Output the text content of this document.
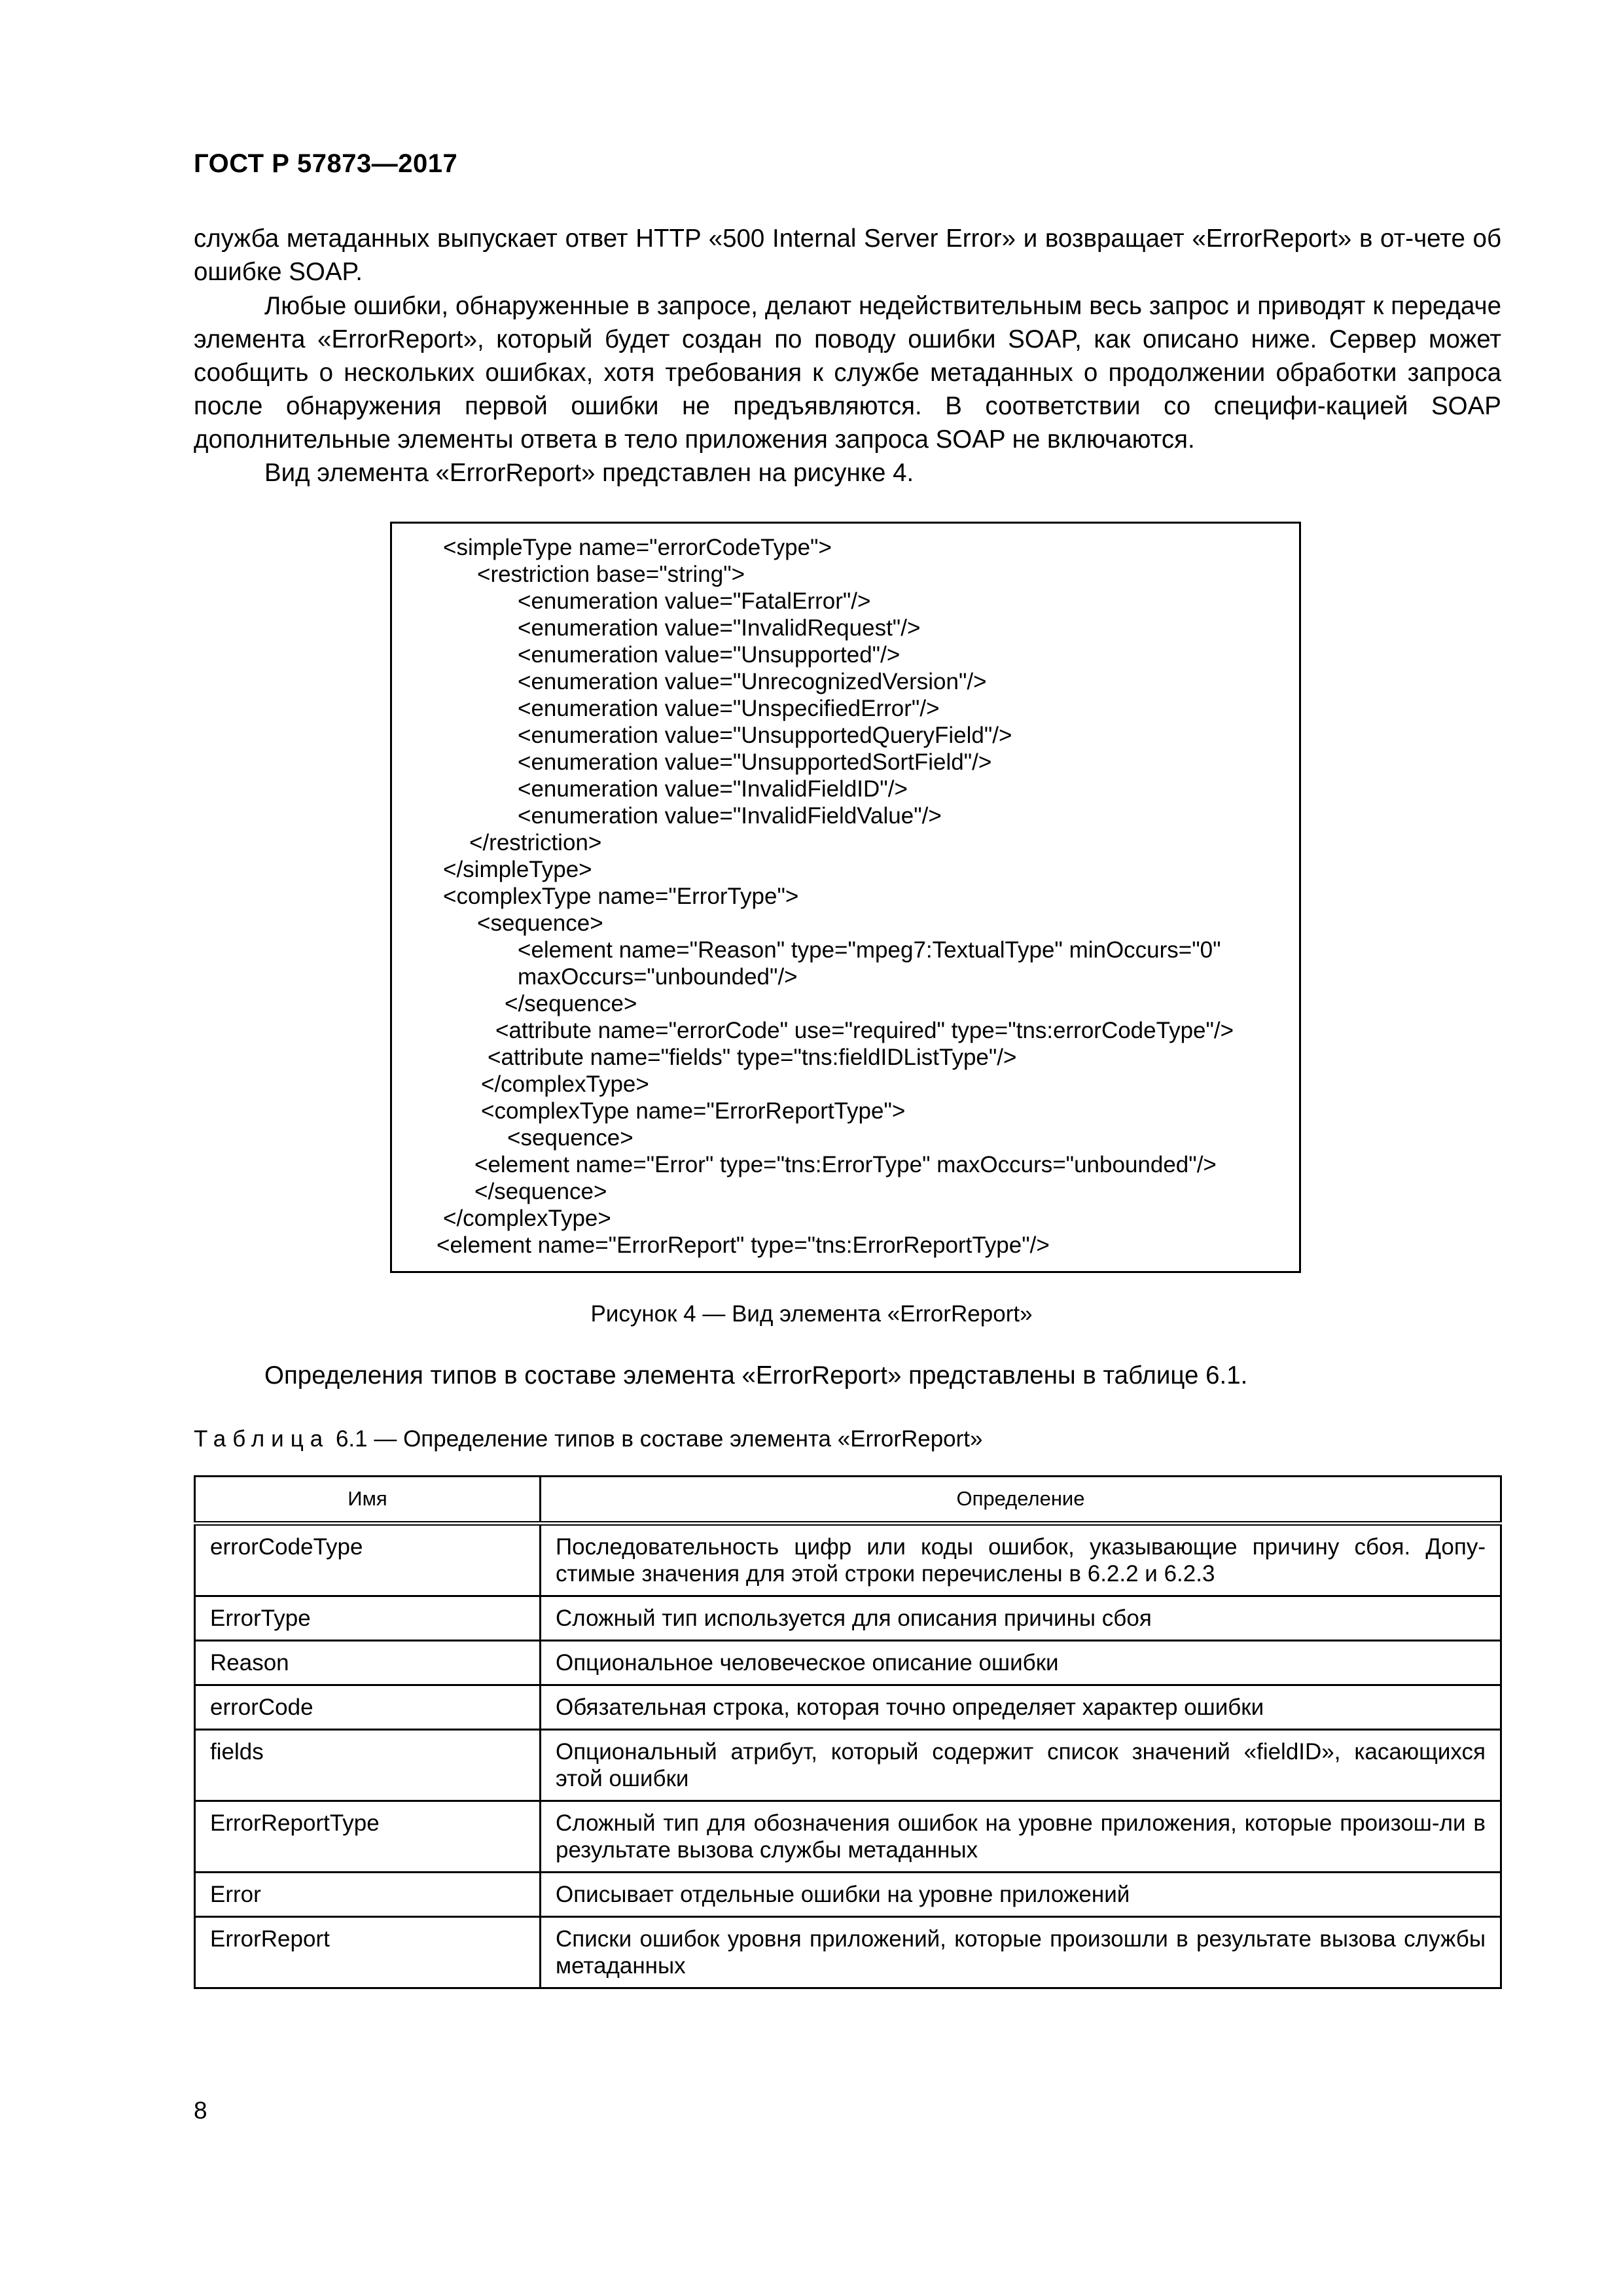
ГОСТ Р 57873—2017

служба метаданных выпускает ответ HTTP «500 Internal Server Error» и возвращает «ErrorReport» в от-чете об ошибке SOAP.

Любые ошибки, обнаруженные в запросе, делают недействительным весь запрос и приводят к передаче элемента «ErrorReport», который будет создан по поводу ошибки SOAP, как описано ниже. Сервер может сообщить о нескольких ошибках, хотя требования к службе метаданных о продолжении обработки запроса после обнаружения первой ошибки не предъявляются. В соответствии со специфи-кацией SOAP дополнительные элементы ответа в тело приложения запроса SOAP не включаются.

Вид элемента «ErrorReport» представлен на рисунке 4.

<simpleType name="errorCodeType">
<restriction base="string">
<enumeration value="FatalError"/>
<enumeration value="InvalidRequest"/>
<enumeration value="Unsupported"/>
<enumeration value="UnrecognizedVersion"/>
<enumeration value="UnspecifiedError"/>
<enumeration value="UnsupportedQueryField"/>
<enumeration value="UnsupportedSortField"/>
<enumeration value="InvalidFieldID"/>
<enumeration value="InvalidFieldValue"/>
</restriction>
</simpleType>
<complexType name="ErrorType">
<sequence>
<element name="Reason" type="mpeg7:TextualType" minOccurs="0"
maxOccurs="unbounded"/>
</sequence>
<attribute name="errorCode" use="required" type="tns:errorCodeType"/>
<attribute name="fields" type="tns:fieldIDListType"/>
</complexType>
<complexType name="ErrorReportType">
<sequence>
<element name="Error" type="tns:ErrorType" maxOccurs="unbounded"/>
</sequence>
</complexType>
<element name="ErrorReport" type="tns:ErrorReportType"/>
Рисунок 4 — Вид элемента «ErrorReport»
Определения типов в составе элемента «ErrorReport» представлены в таблице 6.1.
Таблица 6.1 — Определение типов в составе элемента «ErrorReport»
Имя	Определение
errorCodeType	Последовательность цифр или коды ошибок, указывающие причину сбоя. Допу-стимые значения для этой строки перечислены в 6.2.2 и 6.2.3
ErrorType	Сложный тип используется для описания причины сбоя
Reason	Опциональное человеческое описание ошибки
errorCode	Обязательная строка, которая точно определяет характер ошибки
fields	Опциональный атрибут, который содержит список значений «fieldID», касающихся этой ошибки
ErrorReportType	Сложный тип для обозначения ошибок на уровне приложения, которые произош-ли в результате вызова службы метаданных
Error	Описывает отдельные ошибки на уровне приложений
ErrorReport	Списки ошибок уровня приложений, которые произошли в результате вызова службы метаданных
8
